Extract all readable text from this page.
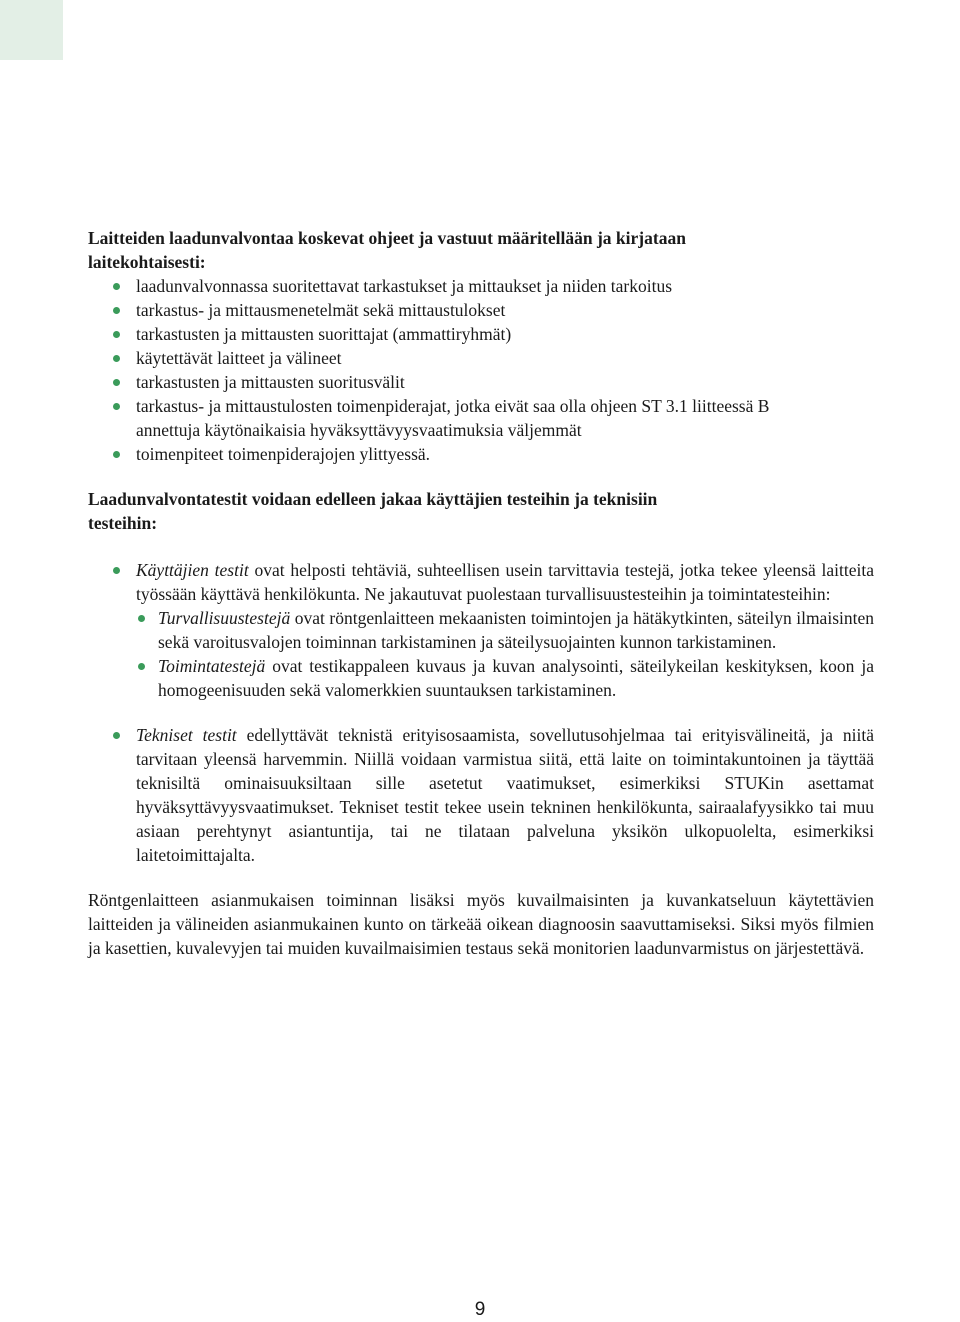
Laitteiden laadunvalvontaa koskevat ohjeet ja vastuut määritellään ja kirjataan laitekohtaisesti:

laadunvalvonnassa suoritettavat tarkastukset ja mittaukset ja niiden tarkoitus
tarkastus- ja mittausmenetelmät sekä mittaustulokset
tarkastusten ja mittausten suorittajat (ammattiryhmät)
käytettävät laitteet ja välineet
tarkastusten ja mittausten suoritusvälit
tarkastus- ja mittaustulosten toimenpiderajat, jotka eivät saa olla ohjeen ST 3.1 liitteessä B annettuja käytönaikaisia hyväksyttävyysvaatimuksia väljemmät
toimenpiteet toimenpiderajojen ylittyessä.

Laadunvalvontatestit voidaan edelleen jakaa käyttäjien testeihin ja teknisiin testeihin:

Käyttäjien testit ovat helposti tehtäviä, suhteellisen usein tarvittavia testejä, jotka tekee yleensä laitteita työssään käyttävä henkilökunta. Ne jakautuvat puolestaan turvallisuustesteihin ja toimintatesteihin:
Turvallisuustestejä ovat röntgenlaitteen mekaanisten toimintojen ja hätäkytkinten, säteilyn ilmaisinten sekä varoitusvalojen toiminnan tarkistaminen ja säteilysuojainten kunnon tarkistaminen.
Toimintatestejä ovat testikappaleen kuvaus ja kuvan analysointi, säteilykeilan keskityksen, koon ja homogeenisuuden sekä valomerkkien suuntauksen tarkistaminen.
Tekniset testit edellyttävät teknistä erityisosaamista, sovellutusohjelmaa tai erityisvälineitä, ja niitä tarvitaan yleensä harvemmin. Niillä voidaan varmistua siitä, että laite on toimintakuntoinen ja täyttää teknisiltä ominaisuuksiltaan sille asetetut vaatimukset, esimerkiksi STUKin asettamat hyväksyttävyysvaatimukset. Tekniset testit tekee usein tekninen henkilökunta, sairaalafyysikko tai muu asiaan perehtynyt asiantuntija, tai ne tilataan palveluna yksikön ulkopuolelta, esimerkiksi laitetoimittajalta.

Röntgenlaitteen asianmukaisen toiminnan lisäksi myös kuvailmaisinten ja kuvankatseluun käytettävien laitteiden ja välineiden asianmukainen kunto on tärkeää oikean diagnoosin saavuttamiseksi. Siksi myös filmien ja kasettien, kuvalevyjen tai muiden kuvailmaisimien testaus sekä monitorien laadunvarmistus on järjestettävä.

9
